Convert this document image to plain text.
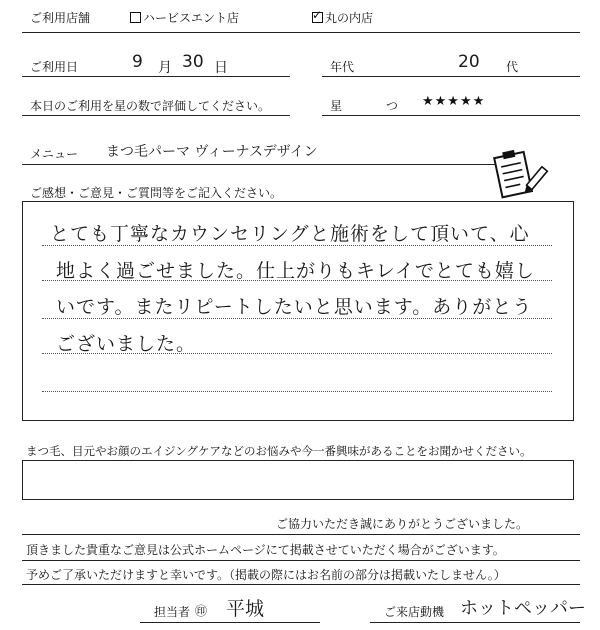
ご利用店舗	ハービスエント店
✓	丸の内店
ご利用日	9 月 30 日	年代	20 代
本日のご利用を星の数で評価してください。	星	つ ★★★★★
メニュー まつ毛パーマ ヴィーナスデザイン
ご感想・ご意見・ご質問等をご記入ください。
とても丁寧なカウンセリングと施術をして頂いて、心
地よく過ごせました。仕上がりもキレイでとても嬉し
いです。またリピートしたいと思います。ありがとう
ございました。
まつ毛、目元やお顔のエイジングケアなどのお悩みや今一番興味があることをお聞かせください。
ご協力いただき誠にありがとうございました。
頂きました貴重なご意見は公式ホームページにて掲載させていただく場合がございます。
予めご了承いただけますと幸いです。（掲載の際にはお名前の部分は掲載いたしません。）
担当者 ㊞ 平城	ご来店動機 ホットペッパー
